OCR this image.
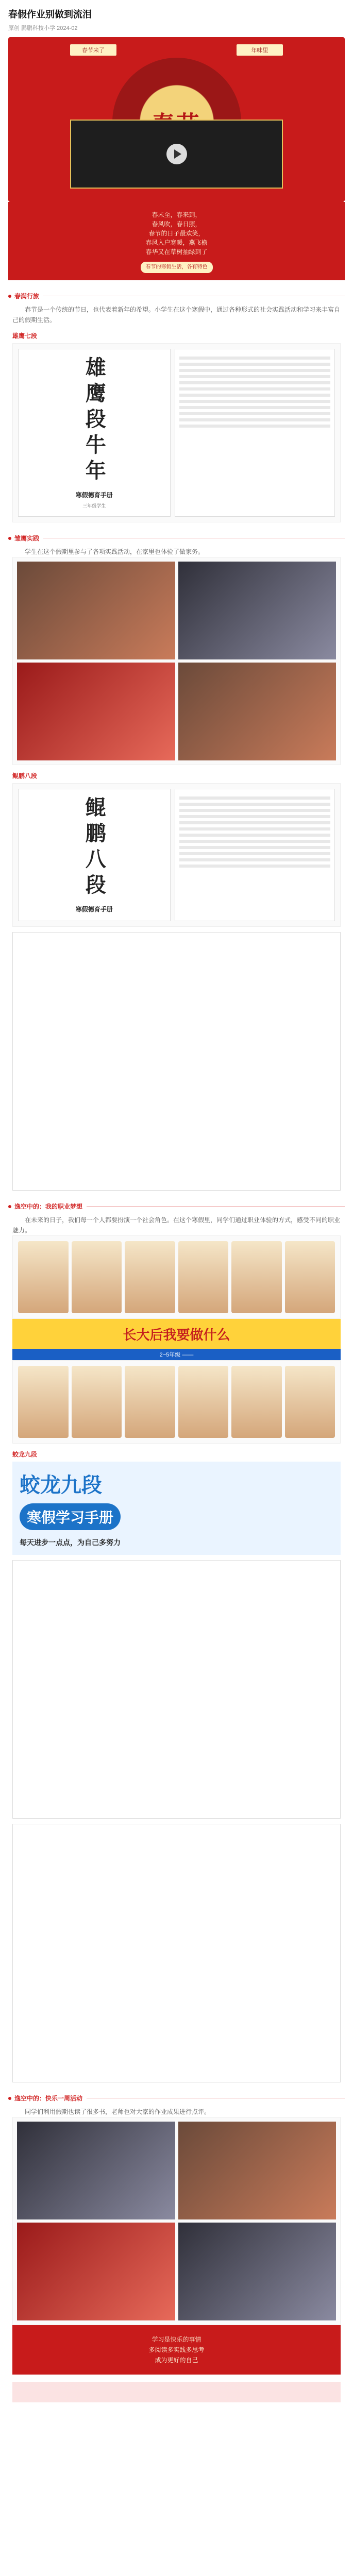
春假作业别做到流泪
原创 鹏鹏科技小学 2024-02
春节来了	年味里
春未至，春来到，
春风吹，春日照，
春节的日子最欢笑，
春风入户寒暖，燕飞檐
春华又在草树抽绿到了
春节的寒假生活，各有特色
春满行旅

春节是一个传统的节日，也代表着新年的希望。小学生在这个寒假中，通过各种形式的社会实践活动和学习来丰富自己的假期生活。

雄鹰七段
雄鹰段牛年
寒假德育手册
三年级学生
雏鹰实践

学生在这个假期里参与了各项实践活动，在家里也体验了做家务。

鲲鹏八段
鲲鹏八段
寒假德育手册
逸空中的：我的职业梦想

在未来的日子，我们每一个人都要扮演一个社会角色。在这个寒假里，同学们通过职业体验的方式，感受不同的职业魅力。

长大后我要做什么
2~5年级 ——
蛟龙九段
蛟龙九段
寒假学习手册
每天进步一点点，为自己多努力
逸空中的：快乐一周活动

同学们利用假期也读了很多书，老师也对大家的作业成果进行点评。

学习是快乐的事情
多阅读多实践多思考
成为更好的自己
